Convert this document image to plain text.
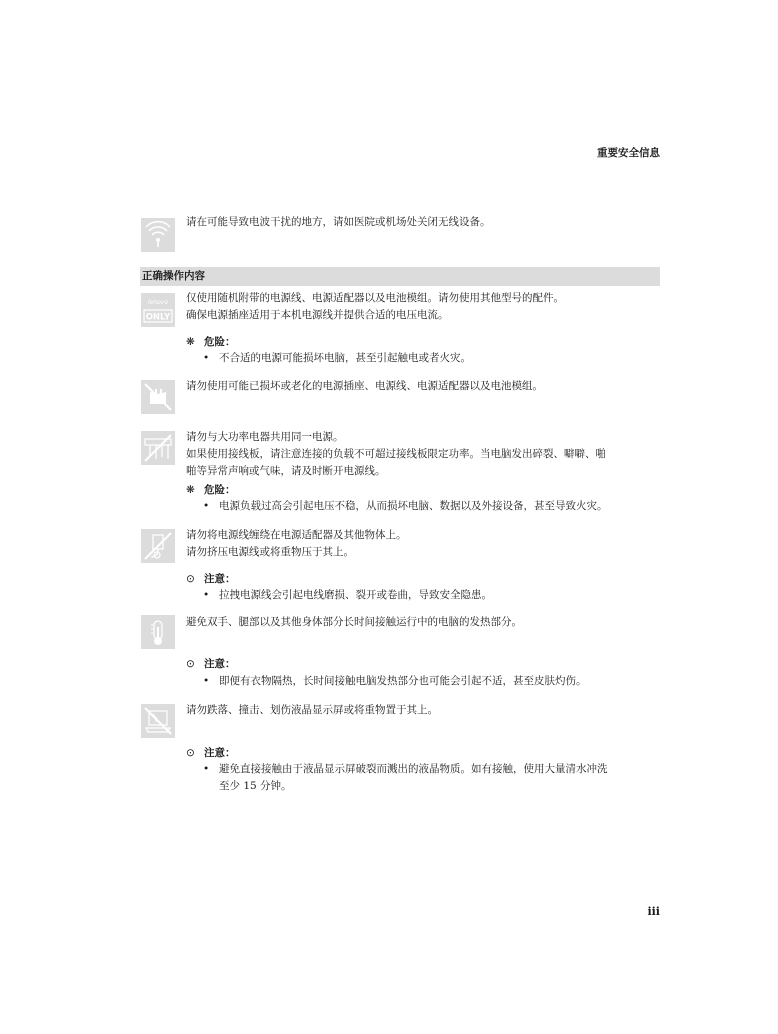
重要安全信息
请在可能导致电波干扰的地方，请如医院或机场处关闭无线设备。
正确操作内容
lenovo
ONLY
仅使用随机附带的电源线、电源适配器以及电池模组。请勿使用其他型号的配件。
确保电源插座适用于本机电源线并提供合适的电压电流。
❋ 危险：
• 不合适的电源可能损坏电脑，甚至引起触电或者火灾。
请勿使用可能已损坏或老化的电源插座、电源线、电源适配器以及电池模组。
请勿与大功率电器共用同一电源。
如果使用接线板，请注意连接的负载不可超过接线板限定功率。当电脑发出碎裂、噼噼、啪
啪等异常声响或气味，请及时断开电源线。
❋ 危险：
• 电源负载过高会引起电压不稳，从而损坏电脑、数据以及外接设备，甚至导致火灾。
请勿将电源线缠绕在电源适配器及其他物体上。
请勿挤压电源线或将重物压于其上。
⊙ 注意：
• 拉拽电源线会引起电线磨损、裂开或卷曲，导致安全隐患。
避免双手、腿部以及其他身体部分长时间接触运行中的电脑的发热部分。
⊙ 注意：
• 即便有衣物隔热，长时间接触电脑发热部分也可能会引起不适，甚至皮肤灼伤。
请勿跌落、撞击、划伤液晶显示屏或将重物置于其上。
⊙ 注意：
• 避免直接接触由于液晶显示屏破裂而溅出的液晶物质。如有接触，使用大量清水冲洗
至少 15 分钟。
iii
